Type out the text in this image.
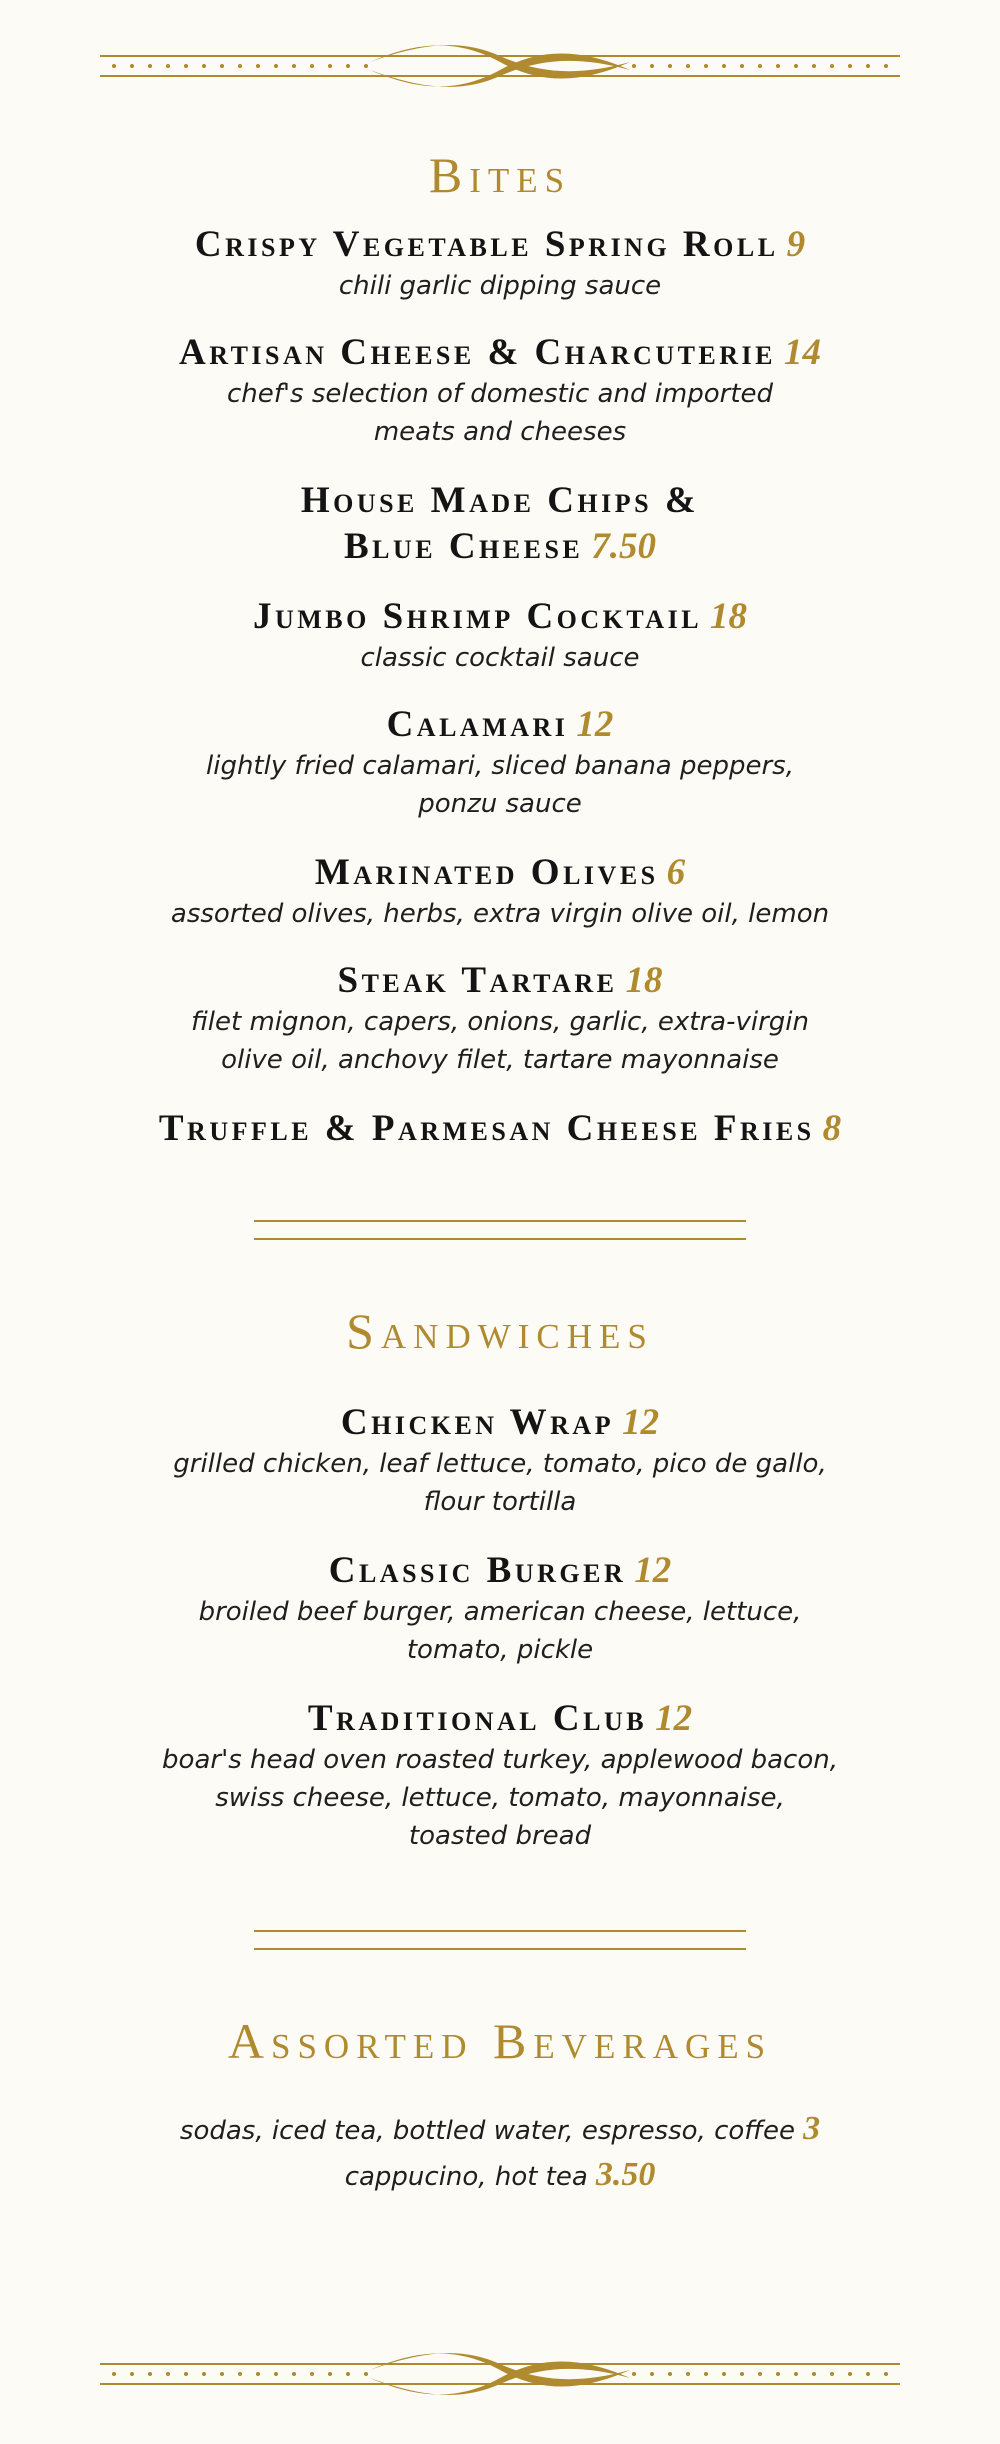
Bites
Crispy Vegetable Spring Roll 9
chili garlic dipping sauce
Artisan Cheese & Charcuterie 14
chef's selection of domestic and imported
meats and cheeses
House Made Chips &
Blue Cheese 7.50
Jumbo Shrimp Cocktail 18
classic cocktail sauce
Calamari 12
lightly fried calamari, sliced banana peppers,
ponzu sauce
Marinated Olives 6
assorted olives, herbs, extra virgin olive oil, lemon
Steak Tartare 18
filet mignon, capers, onions, garlic, extra-virgin
olive oil, anchovy filet, tartare mayonnaise
Truffle & Parmesan Cheese Fries 8
Sandwiches
Chicken Wrap 12
grilled chicken, leaf lettuce, tomato, pico de gallo,
flour tortilla
Classic Burger 12
broiled beef burger, american cheese, lettuce,
tomato, pickle
Traditional Club 12
boar's head oven roasted turkey, applewood bacon,
swiss cheese, lettuce, tomato, mayonnaise,
toasted bread
Assorted Beverages
sodas, iced tea, bottled water, espresso, coffee 3
cappucino, hot tea 3.50
